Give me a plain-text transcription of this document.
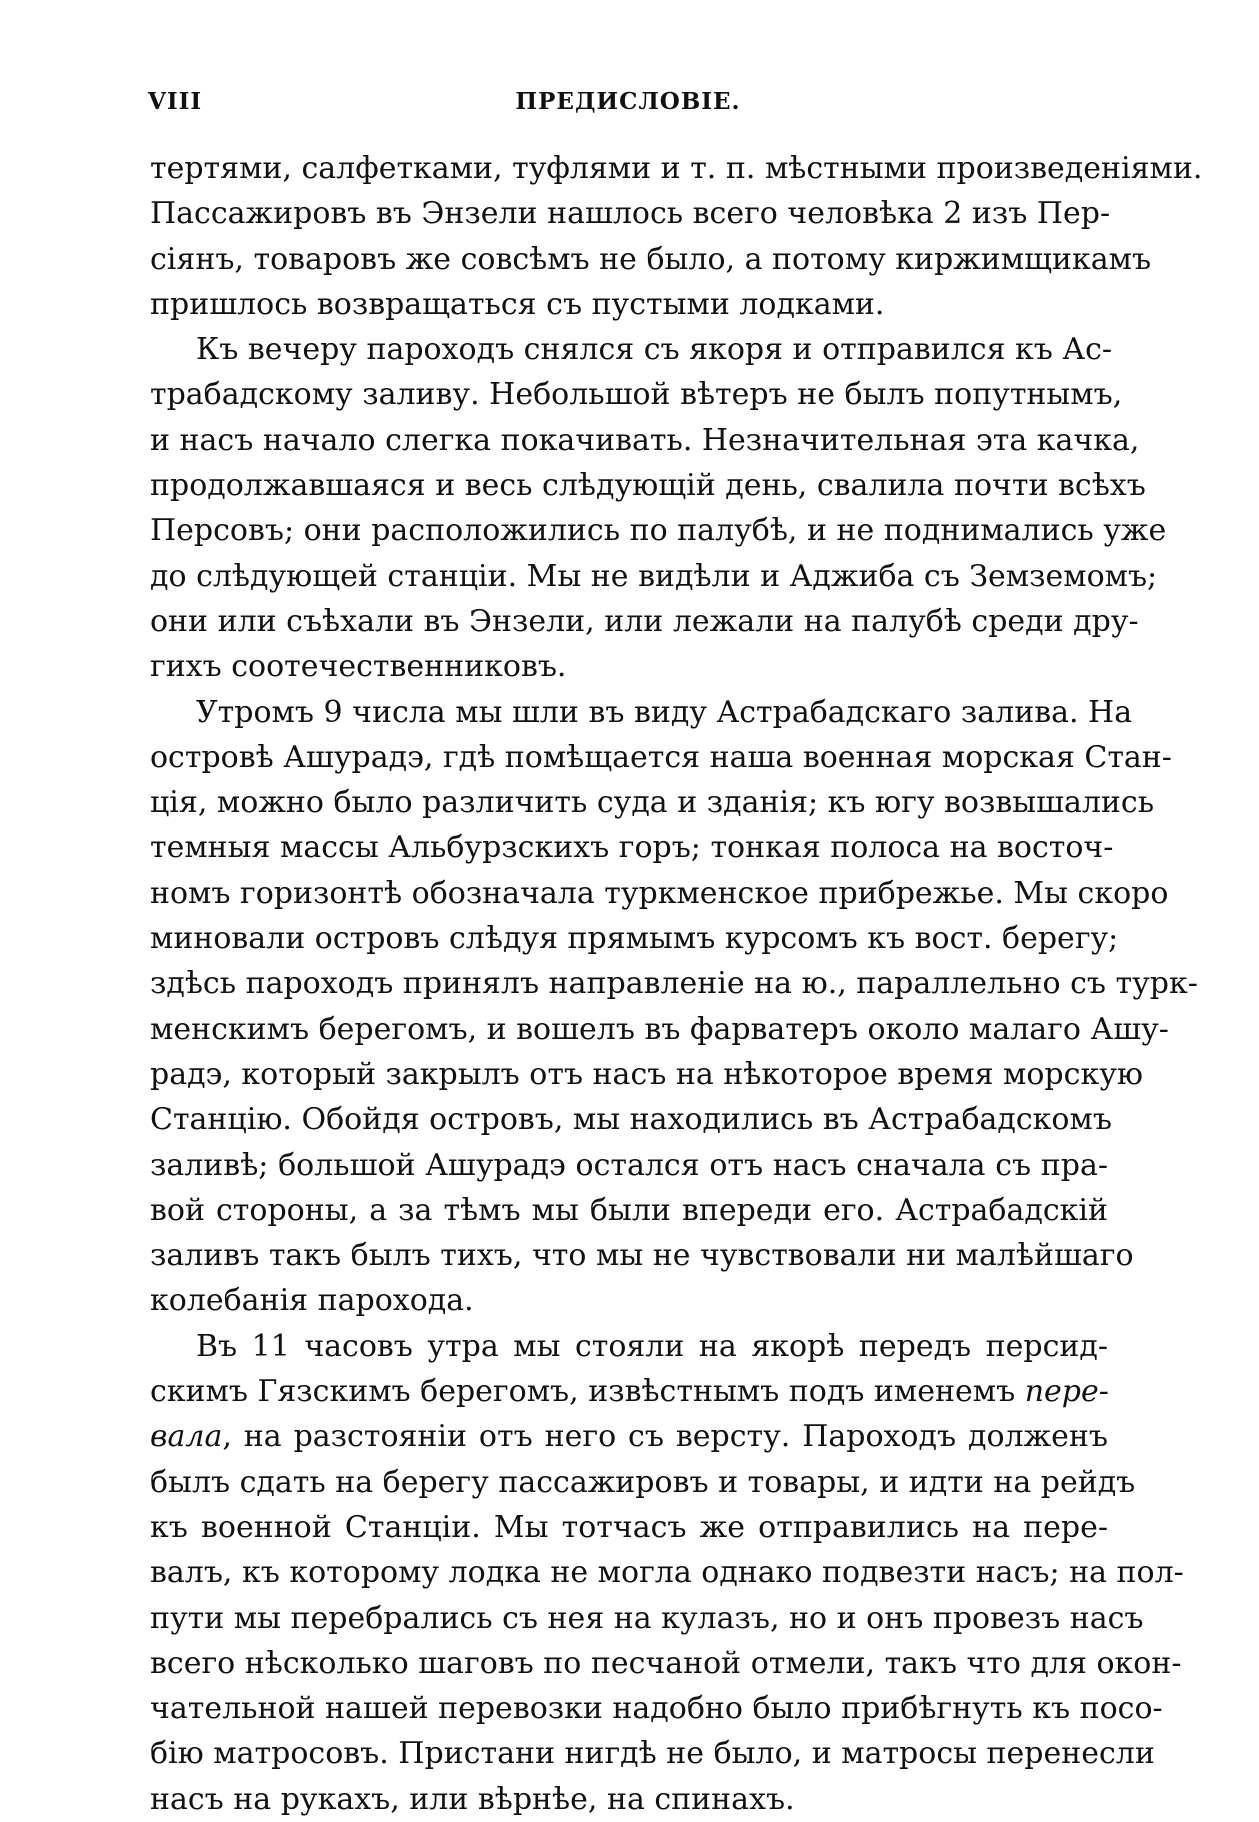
VIII	ПРЕДИСЛОВІЕ.
тертями, салфетками, туфлями и т. п. мѣстными произведеніями.
Пассажировъ въ Энзели нашлось всего человѣка 2 изъ Пер-
сіянъ, товаровъ же совсѣмъ не было, а потому киржимщикамъ
пришлось возвращаться съ пустыми лодками.
Къ вечеру пароходъ снялся съ якоря и отправился къ Ас-
трабадскому заливу. Небольшой вѣтеръ не былъ попутнымъ,
и насъ начало слегка покачивать. Незначительная эта качка,
продолжавшаяся и весь слѣдующій день, свалила почти всѣхъ
Персовъ; они расположились по палубѣ, и не поднимались уже
до слѣдующей станціи. Мы не видѣли и Аджиба съ Земземомъ;
они или съѣхали въ Энзели, или лежали на палубѣ среди дру-
гихъ соотечественниковъ.
Утромъ 9 числа мы шли въ виду Астрабадскаго залива. На
островѣ Ашурадэ, гдѣ помѣщается наша военная морская Стан-
ція, можно было различить суда и зданія; къ югу возвышались
темныя массы Альбурзскихъ горъ; тонкая полоса на восточ-
номъ горизонтѣ обозначала туркменское прибрежье. Мы скоро
миновали островъ слѣдуя прямымъ курсомъ къ вост. берегу;
здѣсь пароходъ принялъ направленіе на ю., параллельно съ турк-
менскимъ берегомъ, и вошелъ въ фарватеръ около малаго Ашу-
радэ, который закрылъ отъ насъ на нѣкоторое время морскую
Станцію. Обойдя островъ, мы находились въ Астрабадскомъ
заливѣ; большой Ашурадэ остался отъ насъ сначала съ пра-
вой стороны, а за тѣмъ мы были впереди его. Астрабадскій
заливъ такъ былъ тихъ, что мы не чувствовали ни малѣйшаго
колебанія парохода.
Въ 11 часовъ утра мы стояли на якорѣ передъ персид-
скимъ Гязскимъ берегомъ, извѣстнымъ подъ именемъ пере-
вала, на разстояніи отъ него съ версту. Пароходъ долженъ
былъ сдать на берегу пассажировъ и товары, и идти на рейдъ
къ военной Станціи. Мы тотчасъ же отправились на пере-
валъ, къ которому лодка не могла однако подвезти насъ; на пол-
пути мы перебрались съ нея на кулазъ, но и онъ провезъ насъ
всего нѣсколько шаговъ по песчаной отмели, такъ что для окон-
чательной нашей перевозки надобно было прибѣгнуть къ посо-
бію матросовъ. Пристани нигдѣ не было, и матросы перенесли
насъ на рукахъ, или вѣрнѣе, на спинахъ.
